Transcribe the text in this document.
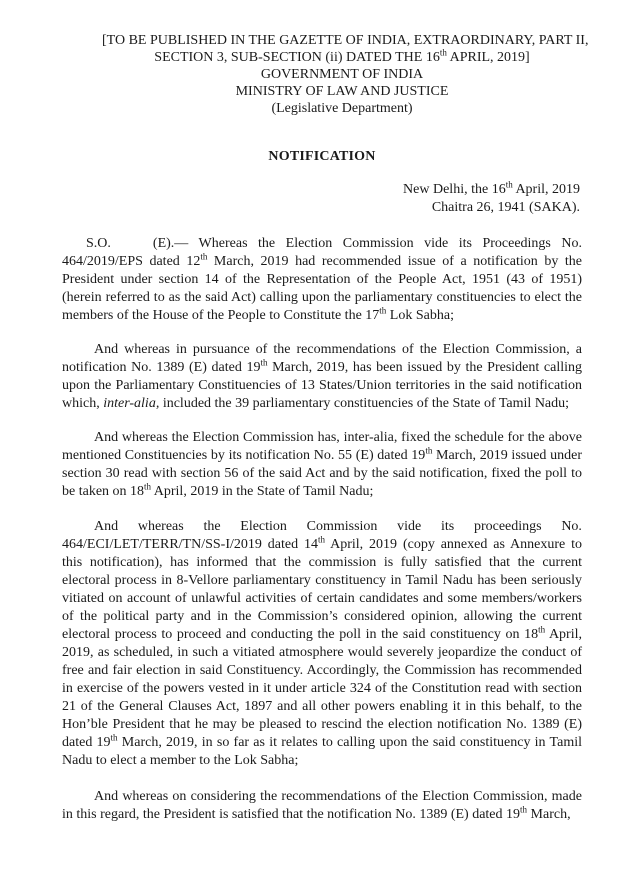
[TO BE PUBLISHED IN THE GAZETTE OF INDIA, EXTRAORDINARY, PART II,
SECTION 3, SUB-SECTION (ii) DATED THE 16th APRIL, 2019]
GOVERNMENT OF INDIA
MINISTRY OF LAW AND JUSTICE
(Legislative Department)
NOTIFICATION
New Delhi, the 16th April, 2019
Chaitra 26, 1941 (SAKA).

S.O.    (E).— Whereas the Election Commission vide its Proceedings No. 464/2019/EPS dated 12th March, 2019 had recommended issue of a notification by the President under section 14 of the Representation of the People Act, 1951 (43 of 1951) (herein referred to as the said Act) calling upon the parliamentary constituencies to elect the members of the House of the People to Constitute the 17th Lok Sabha;

And whereas in pursuance of the recommendations of the Election Commission, a notification No. 1389 (E) dated 19th March, 2019, has been issued by the President calling upon the Parliamentary Constituencies of 13 States/Union territories in the said notification which, inter-alia, included the 39 parliamentary constituencies of the State of Tamil Nadu;

And whereas the Election Commission has, inter-alia, fixed the schedule for the above mentioned Constituencies by its notification No. 55 (E) dated 19th March, 2019 issued under section 30 read with section 56 of the said Act and by the said notification, fixed the poll to be taken on 18th April, 2019 in the State of Tamil Nadu;

And whereas the Election Commission vide its proceedings No.
464/ECI/LET/TERR/TN/SS-I/2019 dated 14th April, 2019 (copy annexed as Annexure to this notification), has informed that the commission is fully satisfied that the current electoral process in 8-Vellore parliamentary constituency in Tamil Nadu has been seriously vitiated on account of unlawful activities of certain candidates and some members/workers of the political party and in the Commission’s considered opinion, allowing the current electoral process to proceed and conducting the poll in the said constituency on 18th April, 2019, as scheduled, in such a vitiated atmosphere would severely jeopardize the conduct of free and fair election in said Constituency. Accordingly, the Commission has recommended in exercise of the powers vested in it under article 324 of the Constitution read with section 21 of the General Clauses Act, 1897 and all other powers enabling it in this behalf, to the Hon’ble President that he may be pleased to rescind the election notification No. 1389 (E) dated 19th March, 2019, in so far as it relates to calling upon the said constituency in Tamil Nadu to elect a member to the Lok Sabha;

And whereas on considering the recommendations of the Election Commission, made in this regard, the President is satisfied that the notification No. 1389 (E) dated 19th March,
